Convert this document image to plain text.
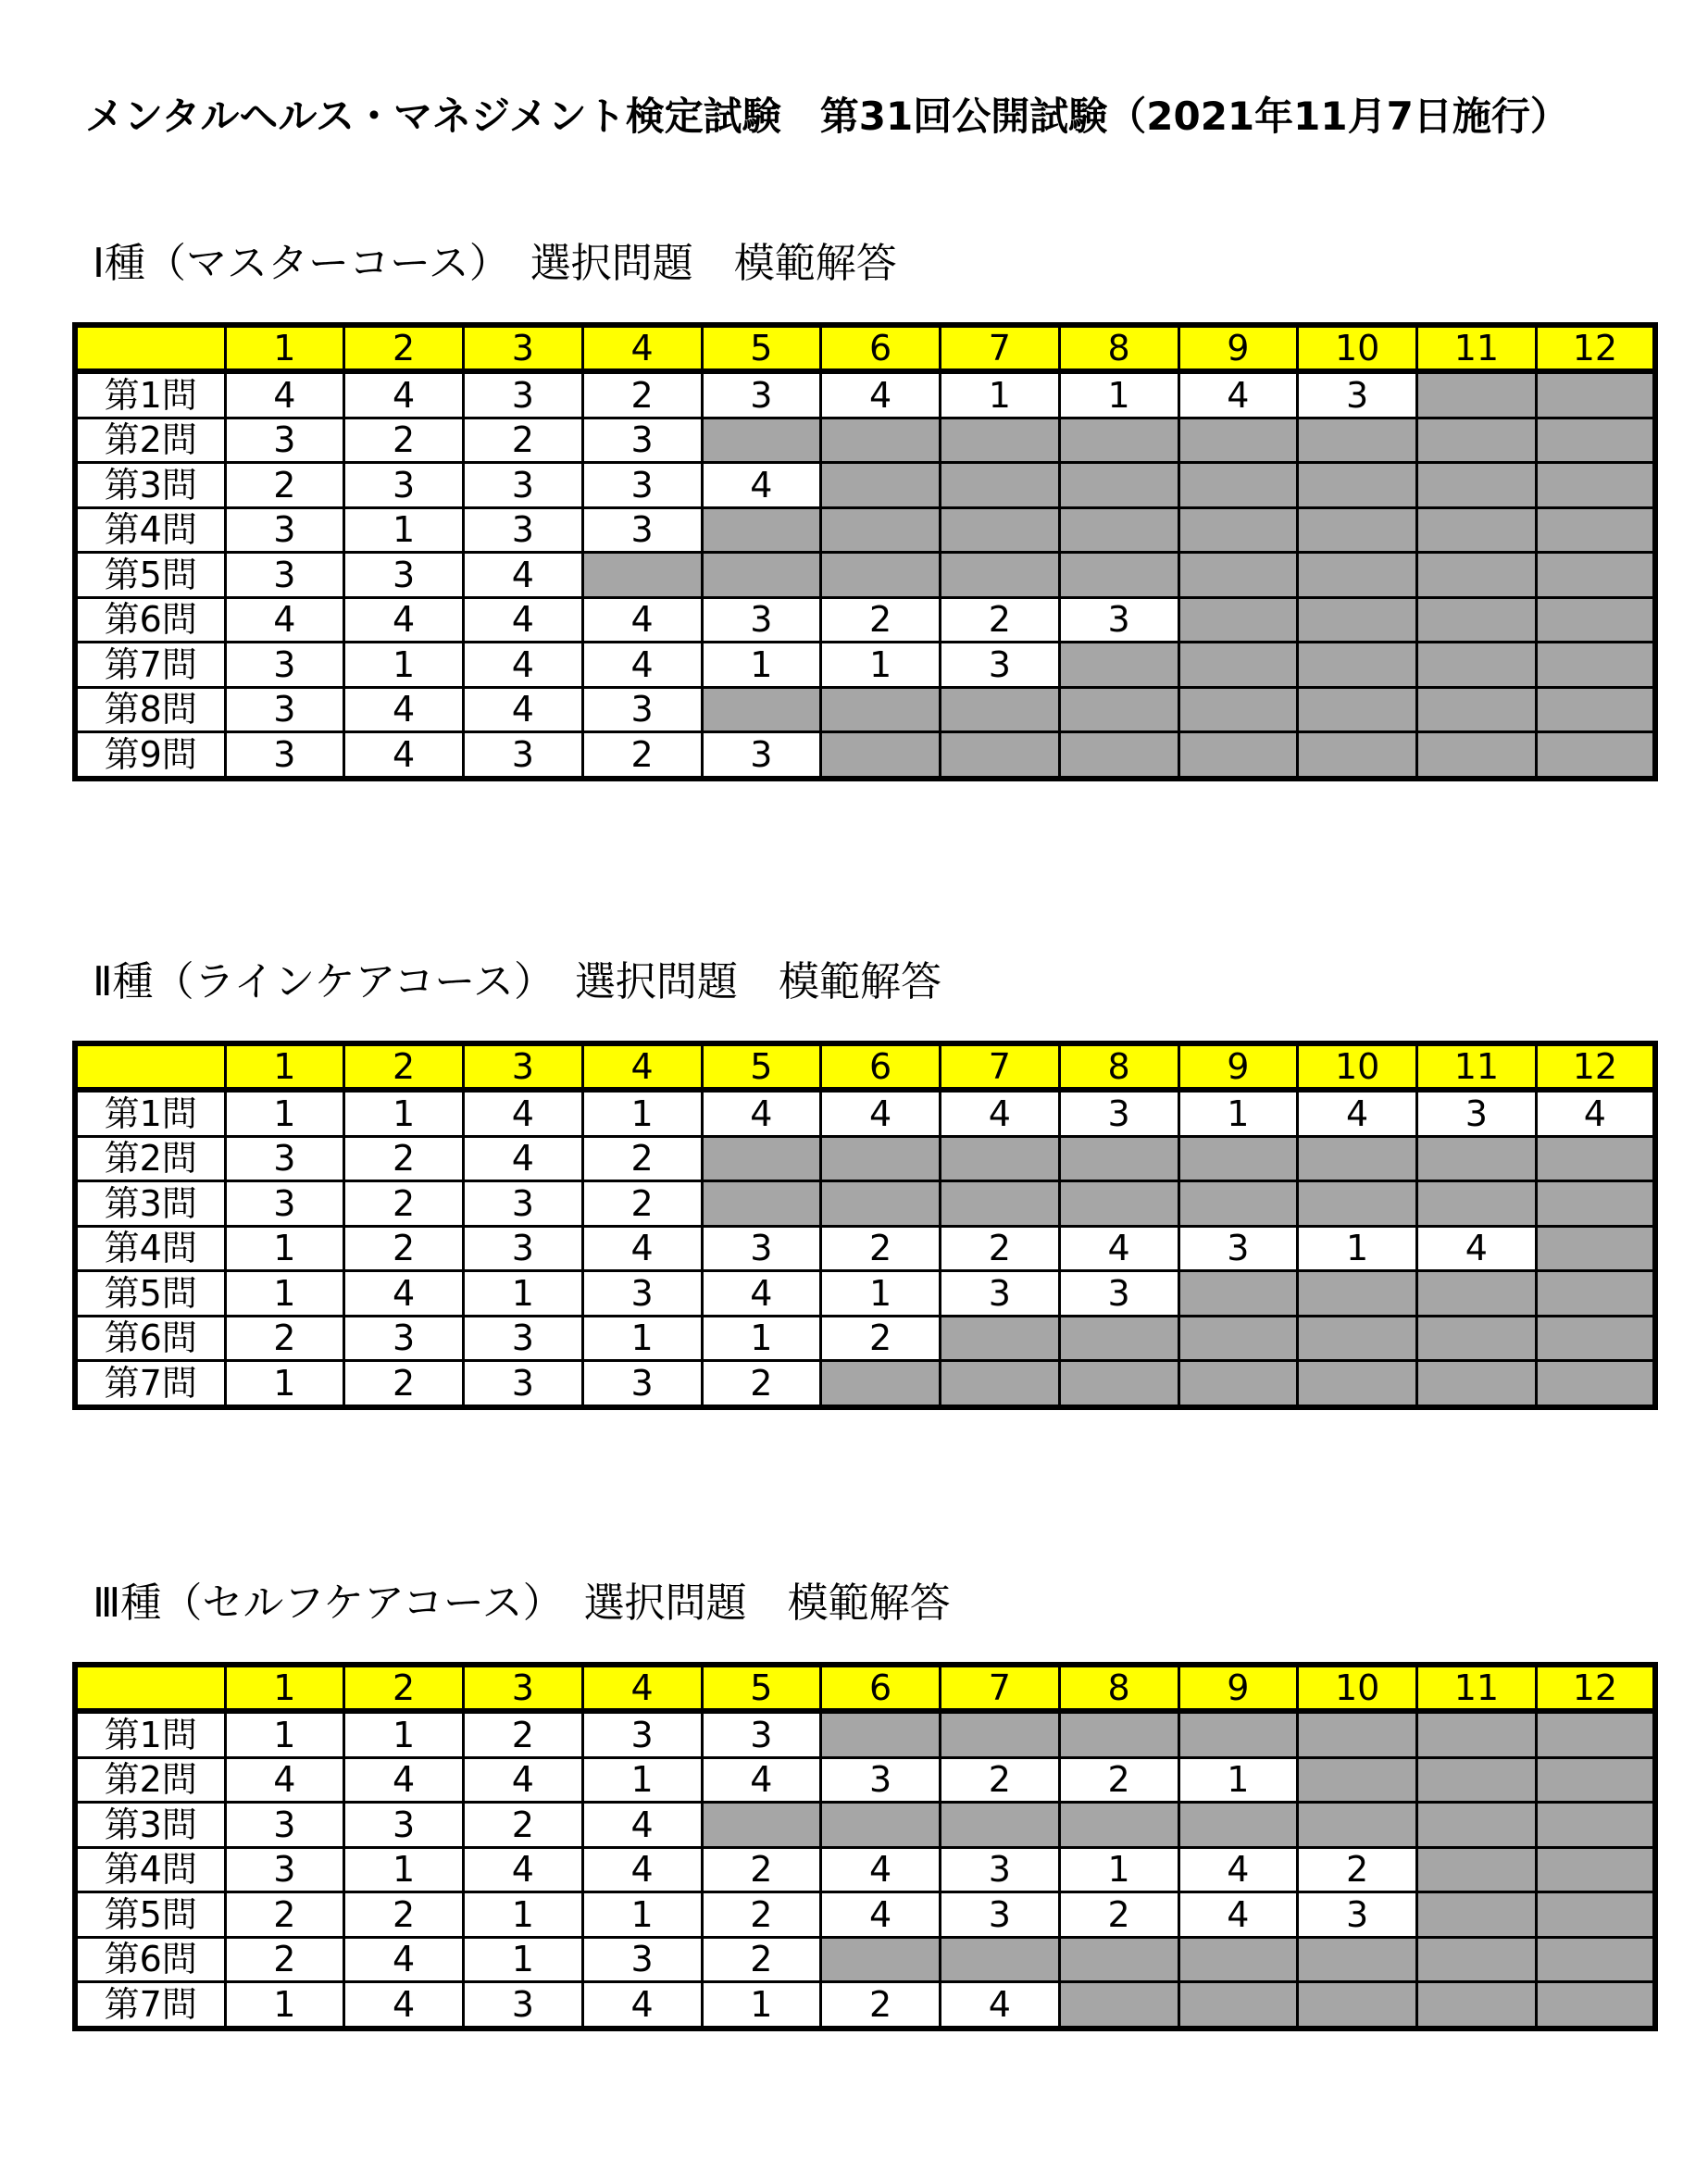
メンタルヘルス・マネジメント検定試験　第31回公開試験（2021年11月7日施行）
Ⅰ種（マスターコース）　選択問題　模範解答
	1	2	3	4	5	6	7	8	9	10	11	12
第1問	4	4	3	2	3	4	1	1	4	3		
第2問	3	2	2	3								
第3問	2	3	3	3	4							
第4問	3	1	3	3								
第5問	3	3	4									
第6問	4	4	4	4	3	2	2	3				
第7問	3	1	4	4	1	1	3					
第8問	3	4	4	3								
第9問	3	4	3	2	3							
Ⅱ種（ラインケアコース）　選択問題　模範解答
	1	2	3	4	5	6	7	8	9	10	11	12
第1問	1	1	4	1	4	4	4	3	1	4	3	4
第2問	3	2	4	2								
第3問	3	2	3	2								
第4問	1	2	3	4	3	2	2	4	3	1	4	
第5問	1	4	1	3	4	1	3	3				
第6問	2	3	3	1	1	2						
第7問	1	2	3	3	2							
Ⅲ種（セルフケアコース）　選択問題　模範解答
	1	2	3	4	5	6	7	8	9	10	11	12
第1問	1	1	2	3	3							
第2問	4	4	4	1	4	3	2	2	1			
第3問	3	3	2	4								
第4問	3	1	4	4	2	4	3	1	4	2		
第5問	2	2	1	1	2	4	3	2	4	3		
第6問	2	4	1	3	2							
第7問	1	4	3	4	1	2	4					
